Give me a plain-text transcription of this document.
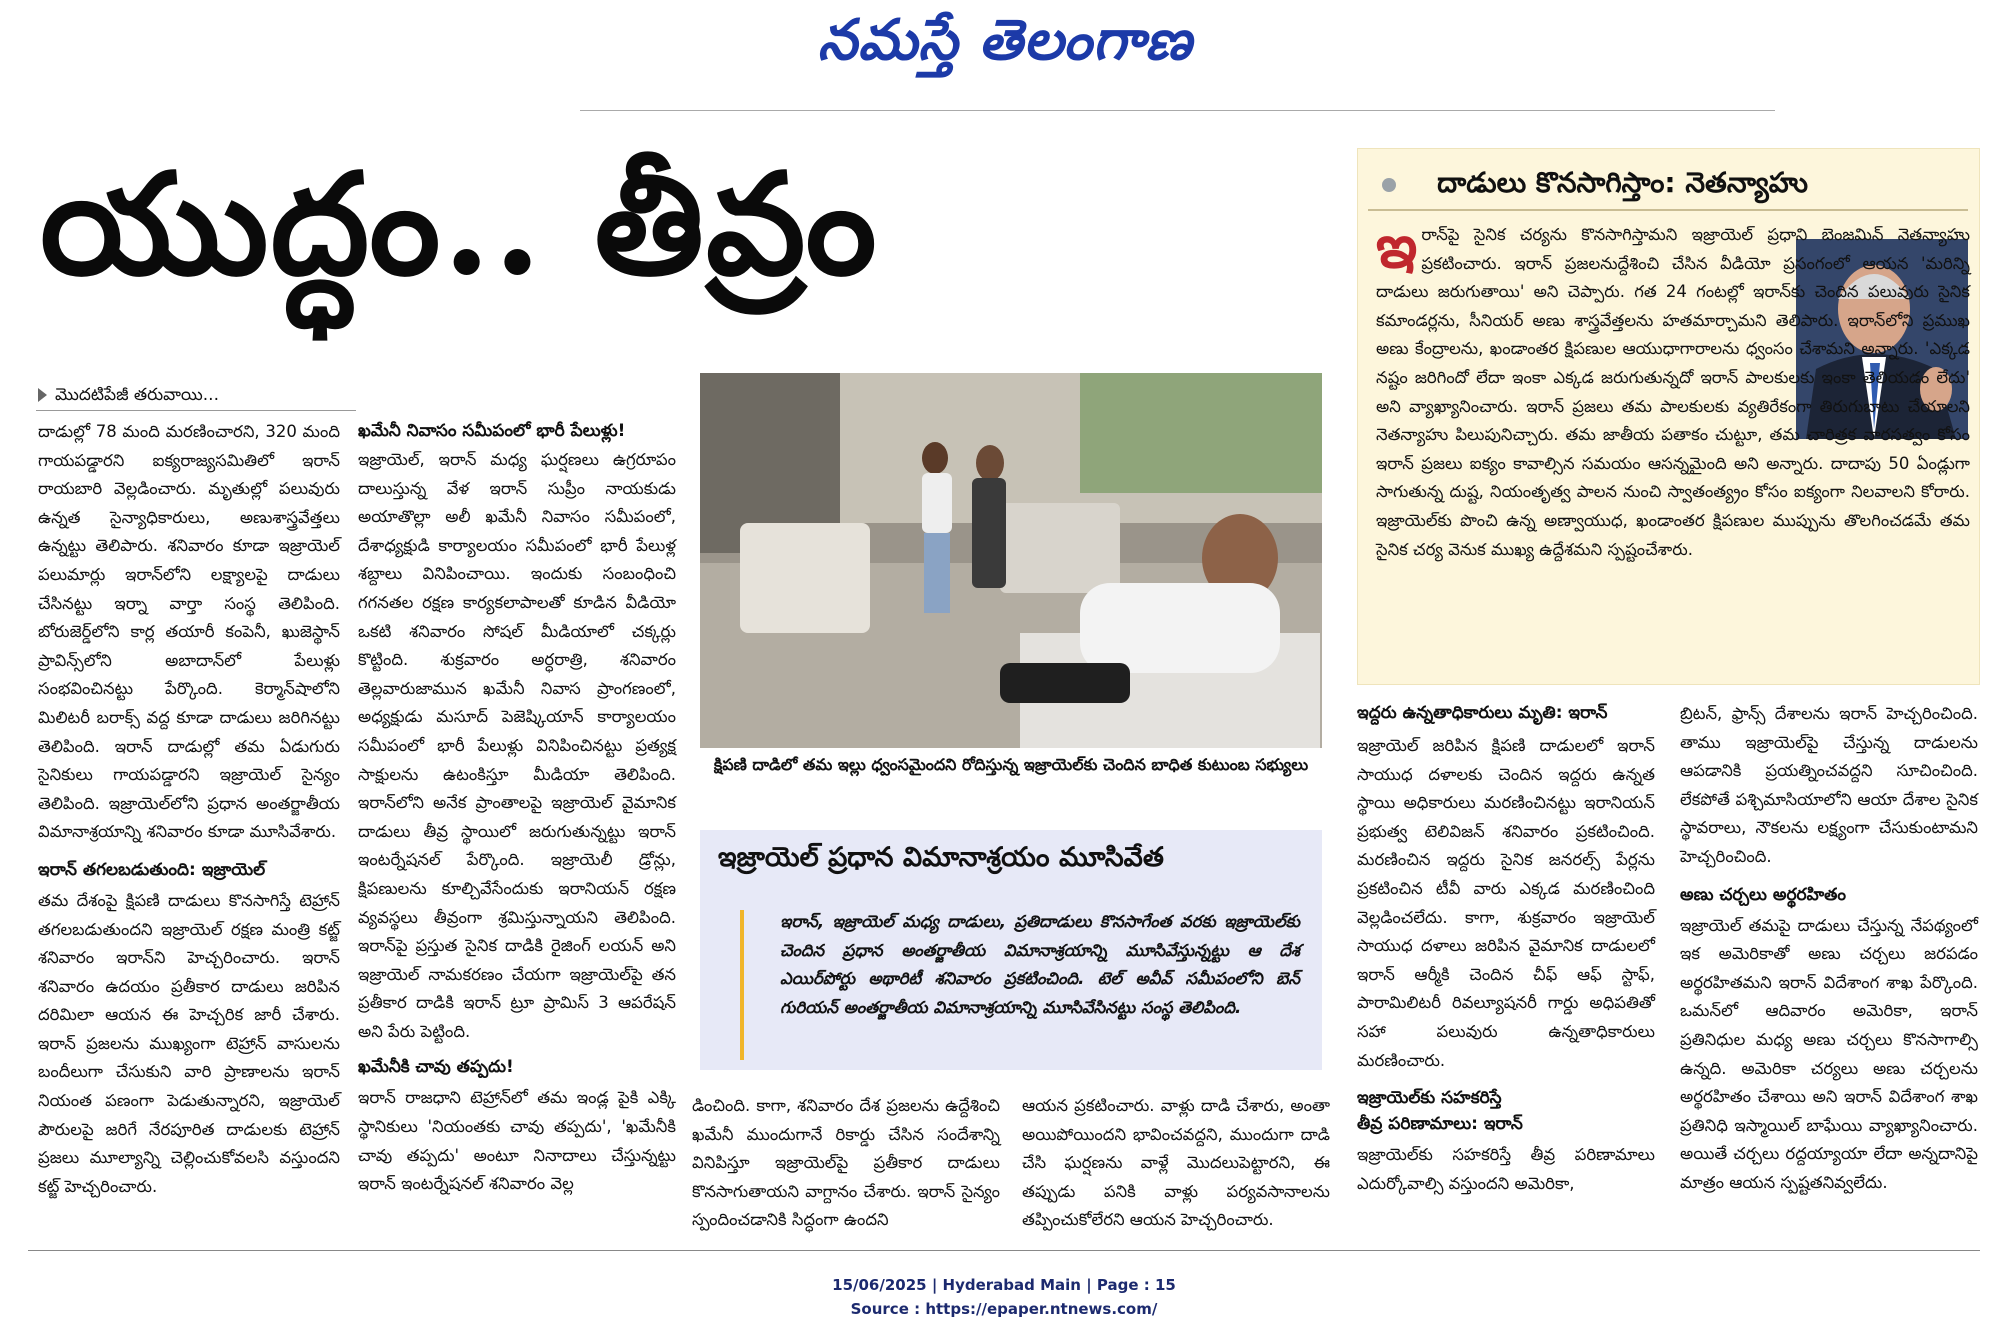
నమస్తే తెలంగాణ
యుద్ధం.. తీవ్రం
మొదటిపేజీ తరువాయి...

దాడుల్లో 78 మంది మరణించారని, 320 మంది గాయపడ్డారని ఐక్యరాజ్యసమితిలో ఇరాన్ రాయబారి వెల్లడించారు. మృతుల్లో పలువురు ఉన్నత సైన్యాధికారులు, అణుశాస్త్రవేత్తలు ఉన్నట్టు తెలిపారు. శనివారం కూడా ఇజ్రాయెల్ పలుమార్లు ఇరాన్‌లోని లక్ష్యాలపై దాడులు చేసినట్టు ఇర్నా వార్తా సంస్థ తెలిపింది. బోరుజెర్డ్‌లోని కార్ల తయారీ కంపెనీ, ఖుజెస్థాన్ ప్రావిన్స్‌లోని అబాదాన్‌లో పేలుళ్లు సంభవించినట్టు పేర్కొంది. కెర్మాన్‌షాలోని మిలిటరీ బరాక్స్ వద్ద కూడా దాడులు జరిగినట్టు తెలిపింది. ఇరాన్ దాడుల్లో తమ ఏడుగురు సైనికులు గాయపడ్డారని ఇజ్రాయెల్ సైన్యం తెలిపింది. ఇజ్రాయెల్‌లోని ప్రధాన అంతర్జాతీయ విమానాశ్రయాన్ని శనివారం కూడా మూసివేశారు.

ఇరాన్ తగలబడుతుంది: ఇజ్రాయెల్

తమ దేశంపై క్షిపణి దాడులు కొనసాగిస్తే టెహ్రాన్ తగలబడుతుందని ఇజ్రాయెల్ రక్షణ మంత్రి కట్జ్ శనివారం ఇరాన్‌ని హెచ్చరించారు. ఇరాన్ శనివారం ఉదయం ప్రతీకార దాడులు జరిపిన దరిమిలా ఆయన ఈ హెచ్చరిక జారీ చేశారు. ఇరాన్ ప్రజలను ముఖ్యంగా టెహ్రాన్ వాసులను బందీలుగా చేసుకుని వారి ప్రాణాలను ఇరాన్ నియంత పణంగా పెడుతున్నారని, ఇజ్రాయెల్ పౌరులపై జరిగే నేరపూరిత దాడులకు టెహ్రాన్ ప్రజలు మూల్యాన్ని చెల్లించుకోవలసి వస్తుందని కట్జ్ హెచ్చరించారు.

ఖమేనీ నివాసం సమీపంలో భారీ పేలుళ్లు!

ఇజ్రాయెల్, ఇరాన్ మధ్య ఘర్షణలు ఉగ్రరూపం దాలుస్తున్న వేళ ఇరాన్ సుప్రీం నాయకుడు అయాతొల్లా అలీ ఖమేనీ నివాసం సమీపంలో, దేశాధ్యక్షుడి కార్యాలయం సమీపంలో భారీ పేలుళ్ల శబ్దాలు వినిపించాయి. ఇందుకు సంబంధించి గగనతల రక్షణ కార్యకలాపాలతో కూడిన వీడియో ఒకటి శనివారం సోషల్ మీడియాలో చక్కర్లు కొట్టింది. శుక్రవారం అర్ధరాత్రి, శనివారం తెల్లవారుజామున ఖమేనీ నివాస ప్రాంగణంలో, అధ్యక్షుడు మసూద్ పెజెష్కియాన్ కార్యాలయం సమీపంలో భారీ పేలుళ్లు వినిపించినట్టు ప్రత్యక్ష సాక్షులను ఉటంకిస్తూ మీడియా తెలిపింది. ఇరాన్‌లోని అనేక ప్రాంతాలపై ఇజ్రాయెల్ వైమానిక దాడులు తీవ్ర స్థాయిలో జరుగుతున్నట్టు ఇరాన్ ఇంటర్నేషనల్ పేర్కొంది. ఇజ్రాయెలీ డ్రోన్లు, క్షిపణులను కూల్చివేసేందుకు ఇరానియన్ రక్షణ వ్యవస్థలు తీవ్రంగా శ్రమిస్తున్నాయని తెలిపింది. ఇరాన్‌పై ప్రస్తుత సైనిక దాడికి రైజింగ్ లయన్ అని ఇజ్రాయెల్ నామకరణం చేయగా ఇజ్రాయెల్‌పై తన ప్రతీకార దాడికి ఇరాన్ ట్రూ ప్రామిస్ 3 ఆపరేషన్ అని పేరు పెట్టింది.

ఖమేనీకి చావు తప్పదు!

ఇరాన్ రాజధాని టెహ్రాన్‌లో తమ ఇండ్ల పైకి ఎక్కి స్థానికులు 'నియంతకు చావు తప్పదు', 'ఖమేనీకి చావు తప్పదు' అంటూ నినాదాలు చేస్తున్నట్టు ఇరాన్ ఇంటర్నేషనల్ శనివారం వెల్ల

క్షిపణి దాడిలో తమ ఇల్లు ధ్వంసమైందని రోదిస్తున్న ఇజ్రాయెల్‌కు చెందిన బాధిత కుటుంబ సభ్యులు
ఇజ్రాయెల్ ప్రధాన విమానాశ్రయం మూసివేత
ఇరాన్, ఇజ్రాయెల్ మధ్య దాడులు, ప్రతిదాడులు కొనసాగేంత వరకు ఇజ్రాయెల్‌కు చెందిన ప్రధాన అంతర్జాతీయ విమానాశ్రయాన్ని మూసివేస్తున్నట్టు ఆ దేశ ఎయిర్‌పోర్టు అథారిటీ శనివారం ప్రకటించింది. టెల్ అవీవ్ సమీపంలోని బెన్ గురియన్ అంతర్జాతీయ విమానాశ్రయాన్ని మూసివేసినట్టు సంస్థ తెలిపింది.
డించింది. కాగా, శనివారం దేశ ప్రజలను ఉద్దేశించి ఖమేనీ ముందుగానే రికార్డు చేసిన సందేశాన్ని వినిపిస్తూ ఇజ్రాయెల్‌పై ప్రతీకార దాడులు కొనసాగుతాయని వాగ్దానం చేశారు. ఇరాన్ సైన్యం స్పందించడానికి సిద్ధంగా ఉందని
ఆయన ప్రకటించారు. వాళ్లు దాడి చేశారు, అంతా అయిపోయిందని భావించవద్దని, ముందుగా దాడి చేసి ఘర్షణను వాళ్లే మొదలుపెట్టారని, ఈ తప్పుడు పనికి వాళ్లు పర్యవసానాలను తప్పించుకోలేరని ఆయన హెచ్చరించారు.
దాడులు కొనసాగిస్తాం: నెతన్యాహు
ఇ రాన్‌పై సైనిక చర్యను కొనసాగిస్తామని ఇజ్రాయెల్ ప్రధాని బెంజమిన్ నెతన్యాహు ప్రకటించారు. ఇరాన్ ప్రజలనుద్దేశించి చేసిన వీడియో ప్రసంగంలో ఆయన 'మరిన్ని దాడులు జరుగుతాయి' అని చెప్పారు. గత 24 గంటల్లో ఇరాన్‌కు చెందిన పలువురు సైనిక కమాండర్లను, సీనియర్ అణు శాస్త్రవేత్తలను హతమార్చామని తెలిపారు. ఇరాన్‌లోని ప్రముఖ అణు కేంద్రాలను, ఖండాంతర క్షిపణుల ఆయుధాగారాలను ధ్వంసం చేశామని అన్నారు. 'ఎక్కడ నష్టం జరిగిందో లేదా ఇంకా ఎక్కడ జరుగుతున్నదో ఇరాన్ పాలకులకు ఇంకా తెలియడం లేదు' అని వ్యాఖ్యానించారు. ఇరాన్ ప్రజలు తమ పాలకులకు వ్యతిరేకంగా తిరుగుబాటు చేయాలని నెతన్యాహు పిలుపునిచ్చారు. తమ జాతీయ పతాకం చుట్టూ, తమ చారిత్రక వారసత్వం కోసం ఇరాన్ ప్రజలు ఐక్యం కావాల్సిన సమయం ఆసన్నమైంది అని అన్నారు. దాదాపు 50 ఏండ్లుగా సాగుతున్న దుష్ట, నియంతృత్వ పాలన నుంచి స్వాతంత్య్రం కోసం ఐక్యంగా నిలవాలని కోరారు. ఇజ్రాయెల్‌కు పొంచి ఉన్న అణ్వాయుధ, ఖండాంతర క్షిపణుల ముప్పును తొలగించడమే తమ సైనిక చర్య వెనుక ముఖ్య ఉద్దేశమని స్పష్టంచేశారు.
ఇద్దరు ఉన్నతాధికారులు మృతి: ఇరాన్

ఇజ్రాయెల్ జరిపిన క్షిపణి దాడులలో ఇరాన్ సాయుధ దళాలకు చెందిన ఇద్దరు ఉన్నత స్థాయి అధికారులు మరణించినట్టు ఇరానియన్ ప్రభుత్వ టెలివిజన్ శనివారం ప్రకటించింది. మరణించిన ఇద్దరు సైనిక జనరల్స్ పేర్లను ప్రకటించిన టీవీ వారు ఎక్కడ మరణించింది వెల్లడించలేదు. కాగా, శుక్రవారం ఇజ్రాయెల్ సాయుధ దళాలు జరిపిన వైమానిక దాడులలో ఇరాన్ ఆర్మీకి చెందిన చీఫ్ ఆఫ్ స్టాఫ్, పారామిలిటరీ రివల్యూషనరీ గార్డు అధిపతితో సహా పలువురు ఉన్నతాధికారులు మరణించారు.

ఇజ్రాయెల్‌కు సహకరిస్తే
తీవ్ర పరిణామాలు: ఇరాన్

ఇజ్రాయెల్‌కు సహకరిస్తే తీవ్ర పరిణామాలు ఎదుర్కోవాల్సి వస్తుందని అమెరికా,

బ్రిటన్, ఫ్రాన్స్ దేశాలను ఇరాన్ హెచ్చరించింది. తాము ఇజ్రాయెల్‌పై చేస్తున్న దాడులను ఆపడానికి ప్రయత్నించవద్దని సూచించింది. లేకపోతే పశ్చిమాసియాలోని ఆయా దేశాల సైనిక స్థావరాలు, నౌకలను లక్ష్యంగా చేసుకుంటామని హెచ్చరించింది.

అణు చర్చలు అర్థరహితం

ఇజ్రాయెల్ తమపై దాడులు చేస్తున్న నేపథ్యంలో ఇక అమెరికాతో అణు చర్చలు జరపడం అర్థరహితమని ఇరాన్ విదేశాంగ శాఖ పేర్కొంది. ఒమన్‌లో ఆదివారం అమెరికా, ఇరాన్ ప్రతినిధుల మధ్య అణు చర్చలు కొనసాగాల్సి ఉన్నది. అమెరికా చర్యలు అణు చర్చలను అర్థరహితం చేశాయి అని ఇరాన్ విదేశాంగ శాఖ ప్రతినిధి ఇస్మాయిల్ బాఘేయి వ్యాఖ్యానించారు. అయితే చర్చలు రద్దయ్యాయా లేదా అన్నదానిపై మాత్రం ఆయన స్పష్టతనివ్వలేదు.

15/06/2025 | Hyderabad Main | Page : 15
Source : https://epaper.ntnews.com/
